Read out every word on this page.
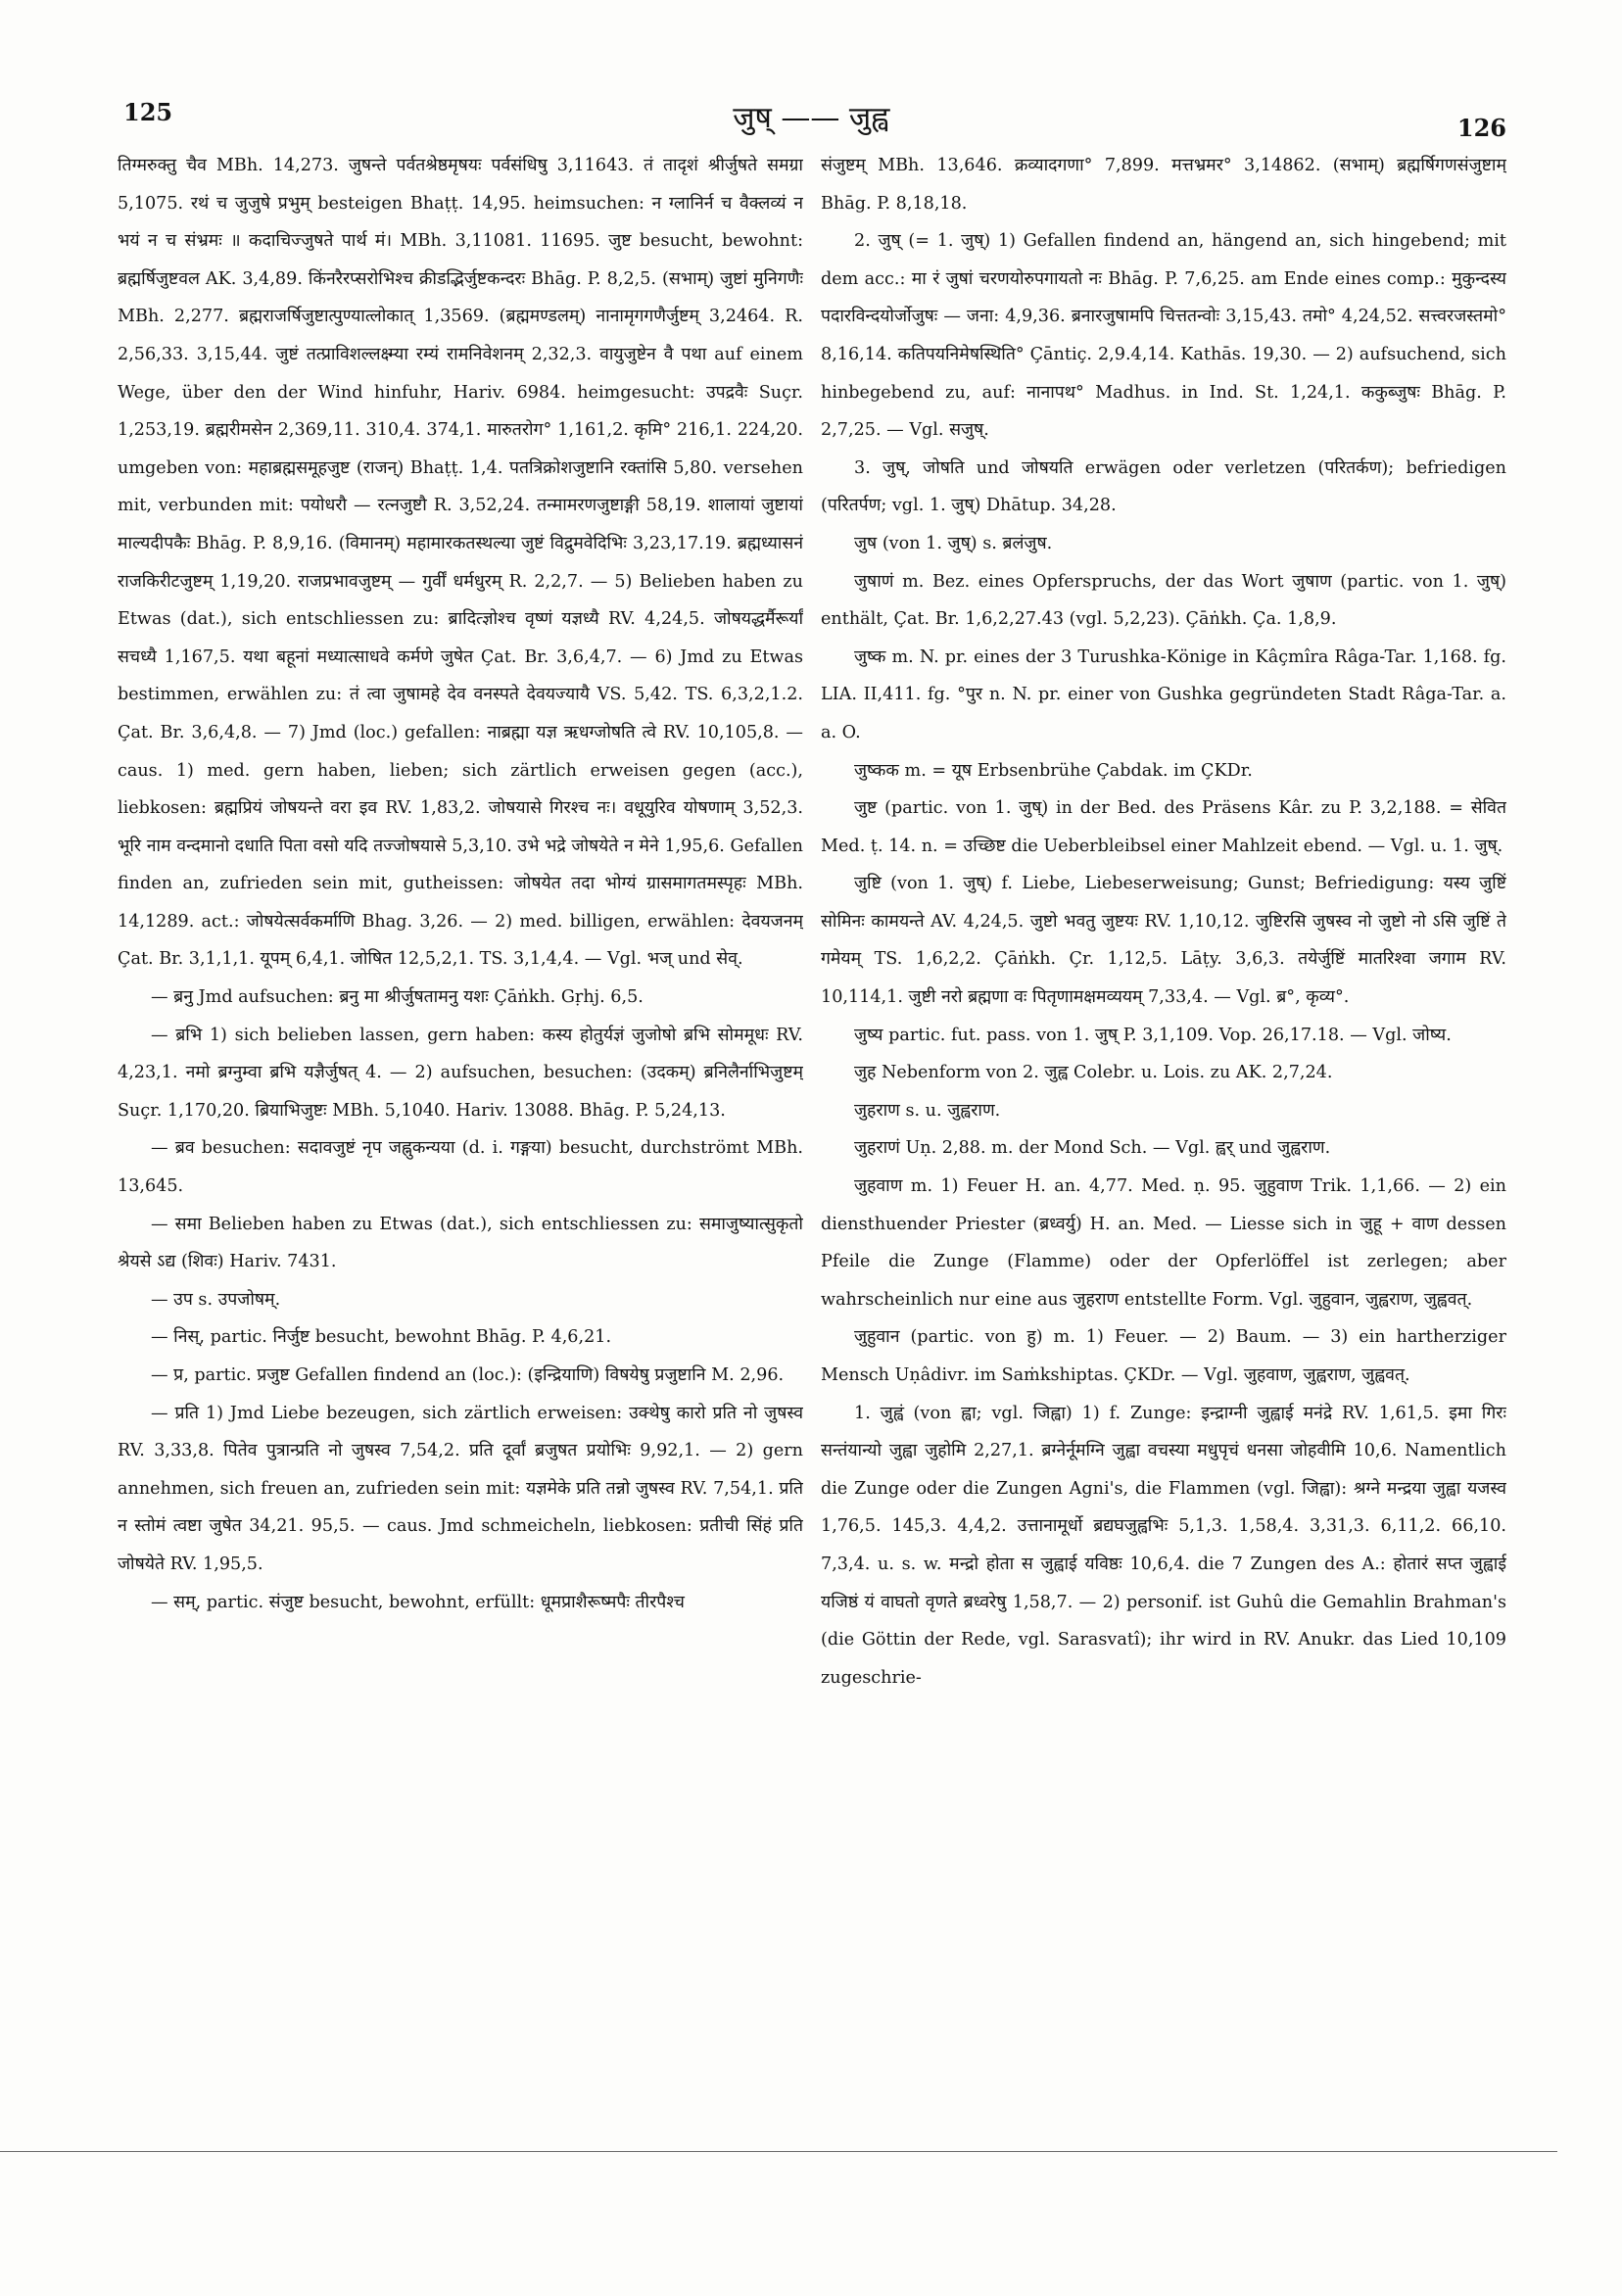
125	जुष् —— जुह्व	126

तिग्मरुक्तु चैव MBh. 14,273. जुषन्ते पर्वतश्रेष्ठमृषयः पर्वसंधिषु 3,11643. तं तादृशं श्रीर्जुषते समग्रा 5,1075. रथं च जुजुषे प्रभुम् besteigen Bhaṭṭ. 14,95. heimsuchen: न ग्लानिर्न च वैक्लव्यं न भयं न च संभ्रमः ॥ कदाचिज्जुषते पार्थ मं। MBh. 3,11081. 11695. जुष्ट besucht, bewohnt: ब्रह्मर्षिजुष्टवल AK. 3,4,89. किंनरैरप्सरोभिश्च क्रीडद्भिर्जुष्टकन्दरः Bhāg. P. 8,2,5. (सभाम्) जुष्टां मुनिगणैः MBh. 2,277. ब्रह्मराजर्षिजुष्टात्पुण्यात्लोकात् 1,3569. (ब्रह्ममण्डलम्) नानामृगगणैर्जुष्टम् 3,2464. R. 2,56,33. 3,15,44. जुष्टं तत्प्राविशल्लक्ष्म्या रम्यं रामनिवेशनम् 2,32,3. वायुजुष्टेन वै पथा auf einem Wege, über den der Wind hinfuhr, Hariv. 6984. heimgesucht: उपद्रवैः Suçr. 1,253,19. ब्रह्मरीमसेन 2,369,11. 310,4. 374,1. मारुतरोग° 1,161,2. कृमि° 216,1. 224,20. umgeben von: महाब्रह्मसमूहजुष्ट (राजन्) Bhaṭṭ. 1,4. पतत्रिक्रोशजुष्टानि रक्तांसि 5,80. versehen mit, verbunden mit: पयोधरौ — रत्नजुष्टौ R. 3,52,24. तन्मामरणजुष्टाङ्गी 58,19. शालायां जुष्टायां माल्यदीपकैः Bhāg. P. 8,9,16. (विमानम्) महामारकतस्थल्या जुष्टं विद्रुमवेदिभिः 3,23,17.19. ब्रह्मध्यासनं राजकिरीटजुष्टम् 1,19,20. राजप्रभावजुष्टम् — गुर्वीं धर्मधुरम् R. 2,2,7. — 5) Belieben haben zu Etwas (dat.), sich entschliessen zu: ब्रादित्ज्ञोश्च वृष्णं यज्ञध्यै RV. 4,24,5. जोषयद्धर्मैरूर्यां सचध्यै 1,167,5. यथा बहूनां मध्यात्साधवे कर्मणे जुषेत Çat. Br. 3,6,4,7. — 6) Jmd zu Etwas bestimmen, erwählen zu: तं त्वा जुषामहे देव वनस्पते देवयज्यायै VS. 5,42. TS. 6,3,2,1.2. Çat. Br. 3,6,4,8. — 7) Jmd (loc.) gefallen: नाब्रह्मा यज्ञ ऋधग्जोषति त्वे RV. 10,105,8. — caus. 1) med. gern haben, lieben; sich zärtlich erweisen gegen (acc.), liebkosen: ब्रह्मप्रियं जोषयन्ते वरा इव RV. 1,83,2. जोषयासे गिरश्च नः। वधूयुरिव योषणाम् 3,52,3. भूरि नाम वन्दमानो दधाति पिता वसो यदि तज्जोषयासे 5,3,10. उभे भद्रे जोषयेते न मेने 1,95,6. Gefallen finden an, zufrieden sein mit, gutheissen: जोषयेत तदा भोग्यं ग्रासमागतमस्पृहः MBh. 14,1289. act.: जोषयेत्सर्वकर्माणि Bhag. 3,26. — 2) med. billigen, erwählen: देवयजनम् Çat. Br. 3,1,1,1. यूपम् 6,4,1. जोषित 12,5,2,1. TS. 3,1,4,4. — Vgl. भज् und सेव्.

— ब्रनु Jmd aufsuchen: ब्रनु मा श्रीर्जुषतामनु यशः Çāṅkh. Gṛhj. 6,5.

— ब्रभि 1) sich belieben lassen, gern haben: कस्य होतुर्यज्ञं जुजोषो ब्रभि सोममूधः RV. 4,23,1. नमो ब्रग्नुम्वा ब्रभि यज्ञैर्जुषत् 4. — 2) aufsuchen, besuchen: (उदकम्) ब्रनिलैर्नाभिजुष्टम् Suçr. 1,170,20. ब्रियाभिजुष्टः MBh. 5,1040. Hariv. 13088. Bhāg. P. 5,24,13.

— ब्रव besuchen: सदावजुष्टं नृप जह्नुकन्यया (d. i. गङ्गया) besucht, durchströmt MBh. 13,645.

— समा Belieben haben zu Etwas (dat.), sich entschliessen zu: समाजुष्यात्सुकृतो श्रेयसे ऽद्य (शिवः) Hariv. 7431.

— उप s. उपजोषम्.

— निस्, partic. निर्जुष्ट besucht, bewohnt Bhāg. P. 4,6,21.

— प्र, partic. प्रजुष्ट Gefallen findend an (loc.): (इन्द्रियाणि) विषयेषु प्रजुष्टानि M. 2,96.

— प्रति 1) Jmd Liebe bezeugen, sich zärtlich erweisen: उक्थेषु कारो प्रति नो जुषस्व RV. 3,33,8. पितेव पुत्रान्प्रति नो जुषस्व 7,54,2. प्रति दूर्वां ब्रजुषत प्रयोभिः 9,92,1. — 2) gern annehmen, sich freuen an, zufrieden sein mit: यज्ञमेके प्रति तन्नो जुषस्व RV. 7,54,1. प्रति न स्तोमं त्वष्टा जुषेत 34,21. 95,5. — caus. Jmd schmeicheln, liebkosen: प्रतीची सिंहं प्रति जोषयेते RV. 1,95,5.

— सम्, partic. संजुष्ट besucht, bewohnt, erfüllt: धूमप्राशैरूष्मपैः तीरपैश्च

संजुष्टम् MBh. 13,646. क्रव्यादगणा° 7,899. मत्तभ्रमर° 3,14862. (सभाम्) ब्रह्मर्षिगणसंजुष्टाम् Bhāg. P. 8,18,18.

2. जुष् (= 1. जुष्) 1) Gefallen findend an, hängend an, sich hingebend; mit dem acc.: मा रं जुषां चरणयोरुपगायतो नः Bhāg. P. 7,6,25. am Ende eines comp.: मुकुन्दस्य पदारविन्दयोर्जोजुषः — जना: 4,9,36. ब्रनारजुषामपि चित्ततन्वोः 3,15,43. तमो° 4,24,52. सत्त्वरजस्तमो° 8,16,14. कतिपयनिमेषस्थिति° Çāntiç. 2,9.4,14. Kathās. 19,30. — 2) aufsuchend, sich hinbegebend zu, auf: नानापथ° Madhus. in Ind. St. 1,24,1. ककुब्जुषः Bhāg. P. 2,7,25. — Vgl. सजुष्.

3. जुष्, जोषति und जोषयति erwägen oder verletzen (परितर्कण); befriedigen (परितर्पण; vgl. 1. जुष्) Dhātup. 34,28.

जुष (von 1. जुष्) s. ब्रलंजुष.

जुषाणं m. Bez. eines Opferspruchs, der das Wort जुषाण (partic. von 1. जुष्) enthält, Çat. Br. 1,6,2,27.43 (vgl. 5,2,23). Çāṅkh. Ça. 1,8,9.

जुष्क m. N. pr. eines der 3 Turushka-Könige in Kâçmîra Râga-Tar. 1,168. fg. LIA. II,411. fg. °पुर n. N. pr. einer von Gushka gegründeten Stadt Râga-Tar. a. a. O.

जुष्कक m. = यूष Erbsenbrühe Çabdak. im ÇKDr.

जुष्ट (partic. von 1. जुष्) in der Bed. des Präsens Kâr. zu P. 3,2,188. = सेवित Med. ṭ. 14. n. = उच्छिष्ट die Ueberbleibsel einer Mahlzeit ebend. — Vgl. u. 1. जुष्.

जुष्टि (von 1. जुष्) f. Liebe, Liebeserweisung; Gunst; Befriedigung: यस्य जुष्टिं सोमिनः कामयन्ते AV. 4,24,5. जुष्टो भवतु जुष्टयः RV. 1,10,12. जुष्टिरसि जुषस्व नो जुष्टो नो ऽसि जुष्टिं ते गमेयम् TS. 1,6,2,2. Çāṅkh. Çr. 1,12,5. Lāṭy. 3,6,3. तयेर्जुष्टिं मातरिश्वा जगाम RV. 10,114,1. जुष्टी नरो ब्रह्मणा वः पितृणामक्षमव्ययम् 7,33,4. — Vgl. ब्र°, कृव्य°.

जुष्य partic. fut. pass. von 1. जुष् P. 3,1,109. Vop. 26,17.18. — Vgl. जोष्य.

जुह Nebenform von 2. जुह्व Colebr. u. Lois. zu AK. 2,7,24.

जुहराण s. u. जुह्वराण.

जुहराणं Uṇ. 2,88. m. der Mond Sch. — Vgl. ह्वर् und जुह्वराण.

जुहवाण m. 1) Feuer H. an. 4,77. Med. ṇ. 95. जुहुवाण Trik. 1,1,66. — 2) ein diensthuender Priester (ब्रध्वर्यु) H. an. Med. — Liesse sich in जुहू + वाण dessen Pfeile die Zunge (Flamme) oder der Opferlöffel ist zerlegen; aber wahrscheinlich nur eine aus जुहराण entstellte Form. Vgl. जुहुवान, जुह्वराण, जुह्ववत्.

जुहुवान (partic. von हु) m. 1) Feuer. — 2) Baum. — 3) ein hartherziger Mensch Uṇâdivr. im Saṁkshiptas. ÇKDr. — Vgl. जुहवाण, जुह्वराण, जुह्ववत्.

1. जुह्वं (von ह्वा; vgl. जिह्वा) 1) f. Zunge: इन्द्राग्नी जुह्वाई मनंद्रे RV. 1,61,5. इमा गिरः सन्तंयान्यो जुह्वा जुहोमि 2,27,1. ब्रग्नेर्नूमग्नि जुह्वा वचस्या मधुपृचं धनसा जोहवीमि 10,6. Namentlich die Zunge oder die Zungen Agni's, die Flammen (vgl. जिह्वा): श्रग्ने मन्द्रया जुह्वा यजस्व 1,76,5. 145,3. 4,4,2. उत्तानामूर्धो ब्रद्यघजुह्वभिः 5,1,3. 1,58,4. 3,31,3. 6,11,2. 66,10. 7,3,4. u. s. w. मन्द्रो होता स जुह्वाई यविष्ठः 10,6,4. die 7 Zungen des A.: होतारं सप्त जुह्वाई यजिष्ठं यं वाघतो वृणते ब्रध्वरेषु 1,58,7. — 2) personif. ist Guhû die Gemahlin Brahman's (die Göttin der Rede, vgl. Sarasvatî); ihr wird in RV. Anukr. das Lied 10,109 zugeschrie-
